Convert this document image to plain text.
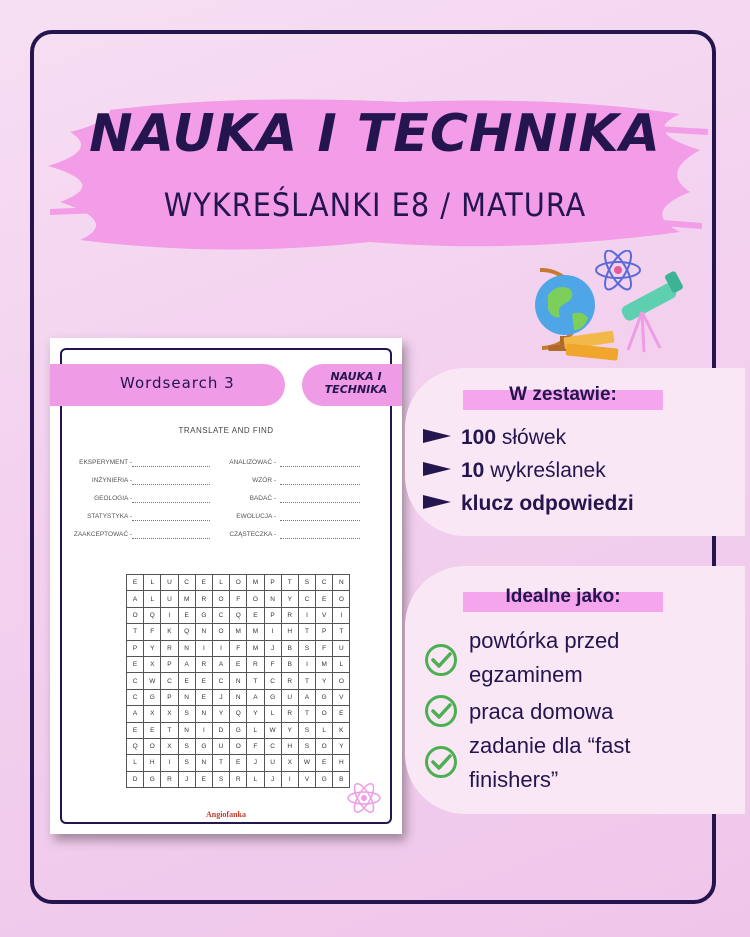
NAUKA I TECHNIKA
WYKREŚLANKI E8 / MATURA
Wordsearch 3	NAUKA I
TECHNIKA
TRANSLATE AND FIND
EKSPERYMENT -
INŻYNIERIA -
GEOLOGIA -
STATYSTYKA -
ZAAKCEPTOWAĆ -
ANALIZOWAĆ -
WZÓR -
BADAĆ -
EWOLUCJA -
CZĄSTECZKA -
E	L	U	C	E	L	O	M	P	T	S	C	N
A	L	U	M	R	O	F	O	N	Y	C	E	O
O	Q	I	E	G	C	Q	E	P	R	I	V	I
T	F	K	Q	N	O	M	M	I	H	T	P	T
P	Y	R	N	I	I	F	M	J	B	S	F	U
E	X	P	A	R	A	E	R	F	B	I	M	L
C	W	C	E	E	C	N	T	C	R	T	Y	O
C	G	P	N	E	J	N	A	G	U	A	G	V
A	X	X	S	N	Y	Q	Y	L	R	T	O	E
E	E	T	N	I	D	G	L	W	Y	S	L	K
Q	O	X	S	G	U	O	F	C	H	S	O	Y
L	H	I	S	N	T	E	J	U	X	W	E	H
D	G	R	J	E	S	R	L	J	I	V	G	B
Angiofanka
W zestawie:
100 słówek
10 wykreślanek
klucz odpowiedzi
Idealne jako:
powtórka przed
egzaminem
praca domowa
zadanie dla “fast
finishers”
